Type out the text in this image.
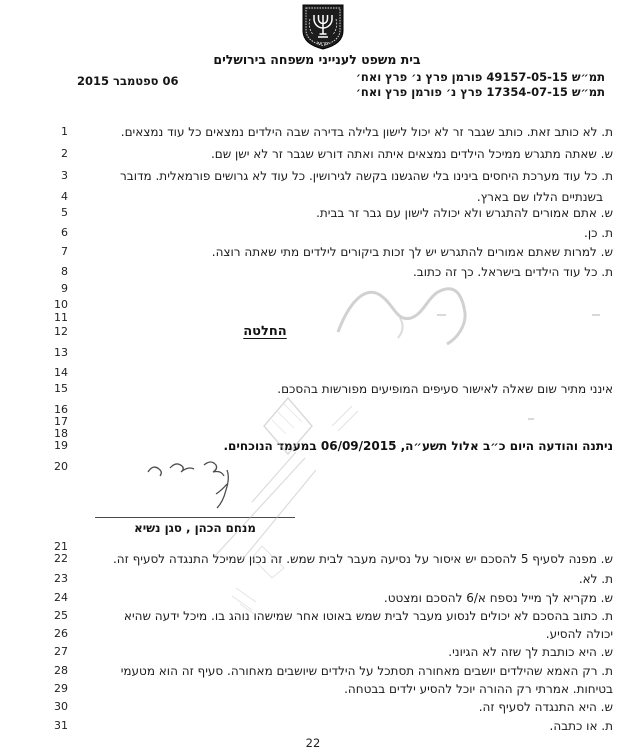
ישראל
בית משפט לענייני משפחה בירושלים
תמ״ש 49157-05-15 פורמן פרץ נ׳ פרץ ואח׳
תמ״ש 17354-07-15 פרץ נ׳ פורמן פרץ ואח׳
06 ספטמבר 2015
1	ת. לא כותב זאת. כותב שגבר זר לא יכול לישון בלילה בדירה שבה הילדים נמצאים כל עוד נמצאים.
2	ש. שאתה מתגרש ממיכל הילדים נמצאים איתה ואתה דורש שגבר זר לא ישן שם.
3	ת. כל עוד מערכת היחסים בינינו בלי שהגשנו בקשה לגירושין. כל עוד לא גרושים פורמאלית. מדובר
4	בשנתיים הללו שם בארץ.
5	ש. אתם אמורים להתגרש ולא יכולה לישון עם גבר זר בבית.
6	ת. כן.
7	ש. למרות שאתם אמורים להתגרש יש לך זכות ביקורים לילדים מתי שאתה רוצה.
8	ת. כל עוד הילדים בישראל. כך זה כתוב.
9
10
11
12
13
14
15	אינני מתיר שום שאלה לאישור סעיפים המופיעים מפורשות בהסכם.
16
17
18
19	ניתנה והודעה היום כ״ב אלול תשע״ה, 06/09/2015 במעמד הנוכחים.
20
21
22	ש. מפנה לסעיף 5 להסכם יש איסור על נסיעה מעבר לבית שמש. זה נכון שמיכל התנגדה לסעיף זה.
23	ת. לא.
24	ש. מקריא לך מייל נספח א/6 להסכם ומצטט.
25	ת. כתוב בהסכם לא יכולים לנסוע מעבר לבית שמש באוטו אחר שמישהו נוהג בו. מיכל ידעה שהיא
26	יכולה להסיע.
27	ש. היא כותבת לך שזה לא הגיוני.
28	ת. רק האמא שהילדים יושבים מאחורה תסתכל על הילדים שיושבים מאחורה. סעיף זה הוא מטעמי
29	בטיחות. אמרתי רק ההורה יוכל להסיע ילדים בבטחה.
30	ש. היא התנגדה לסעיף זה.
31	ת. או כתבה.
החלטה
מנחם הכהן , סגן נשיא
22
